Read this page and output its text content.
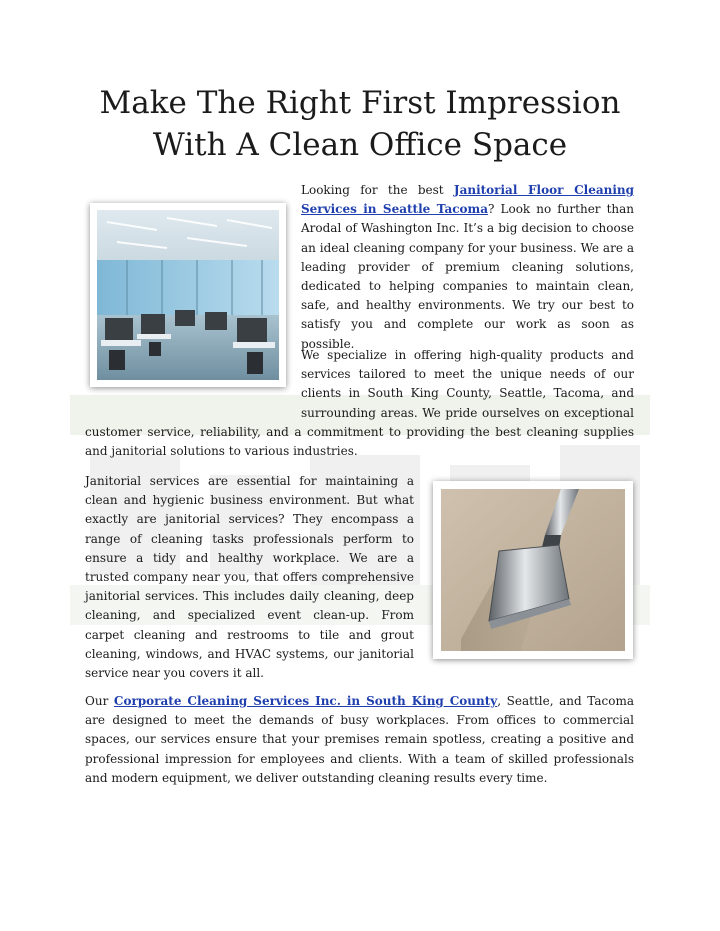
Make The Right First Impression
With A Clean Office Space

Looking for the best Janitorial Floor Cleaning Services in Seattle Tacoma? Look no further than Arodal of Washington Inc. It’s a big decision to choose an ideal cleaning company for your business. We are a leading provider of premium cleaning solutions, dedicated to helping companies to maintain clean, safe, and healthy environments. We try our best to satisfy you and complete our work as soon as possible.

We specialize in offering high-quality products and services tailored to meet the unique needs of our clients in South King County, Seattle, Tacoma, and surrounding areas. We pride ourselves on exceptional customer service, reliability, and a commitment to providing the best cleaning supplies and janitorial solutions to various industries.

Janitorial services are essential for maintaining a clean and hygienic business environment. But what exactly are janitorial services? They encompass a range of cleaning tasks professionals perform to ensure a tidy and healthy workplace. We are a trusted company near you, that offers comprehensive janitorial services. This includes daily cleaning, deep cleaning, and specialized event clean-up. From carpet cleaning and restrooms to tile and grout cleaning, windows, and HVAC systems, our janitorial service near you covers it all.

Our Corporate Cleaning Services Inc. in South King County, Seattle, and Tacoma are designed to meet the demands of busy workplaces. From offices to commercial spaces, our services ensure that your premises remain spotless, creating a positive and professional impression for employees and clients. With a team of skilled professionals and modern equipment, we deliver outstanding cleaning results every time.
